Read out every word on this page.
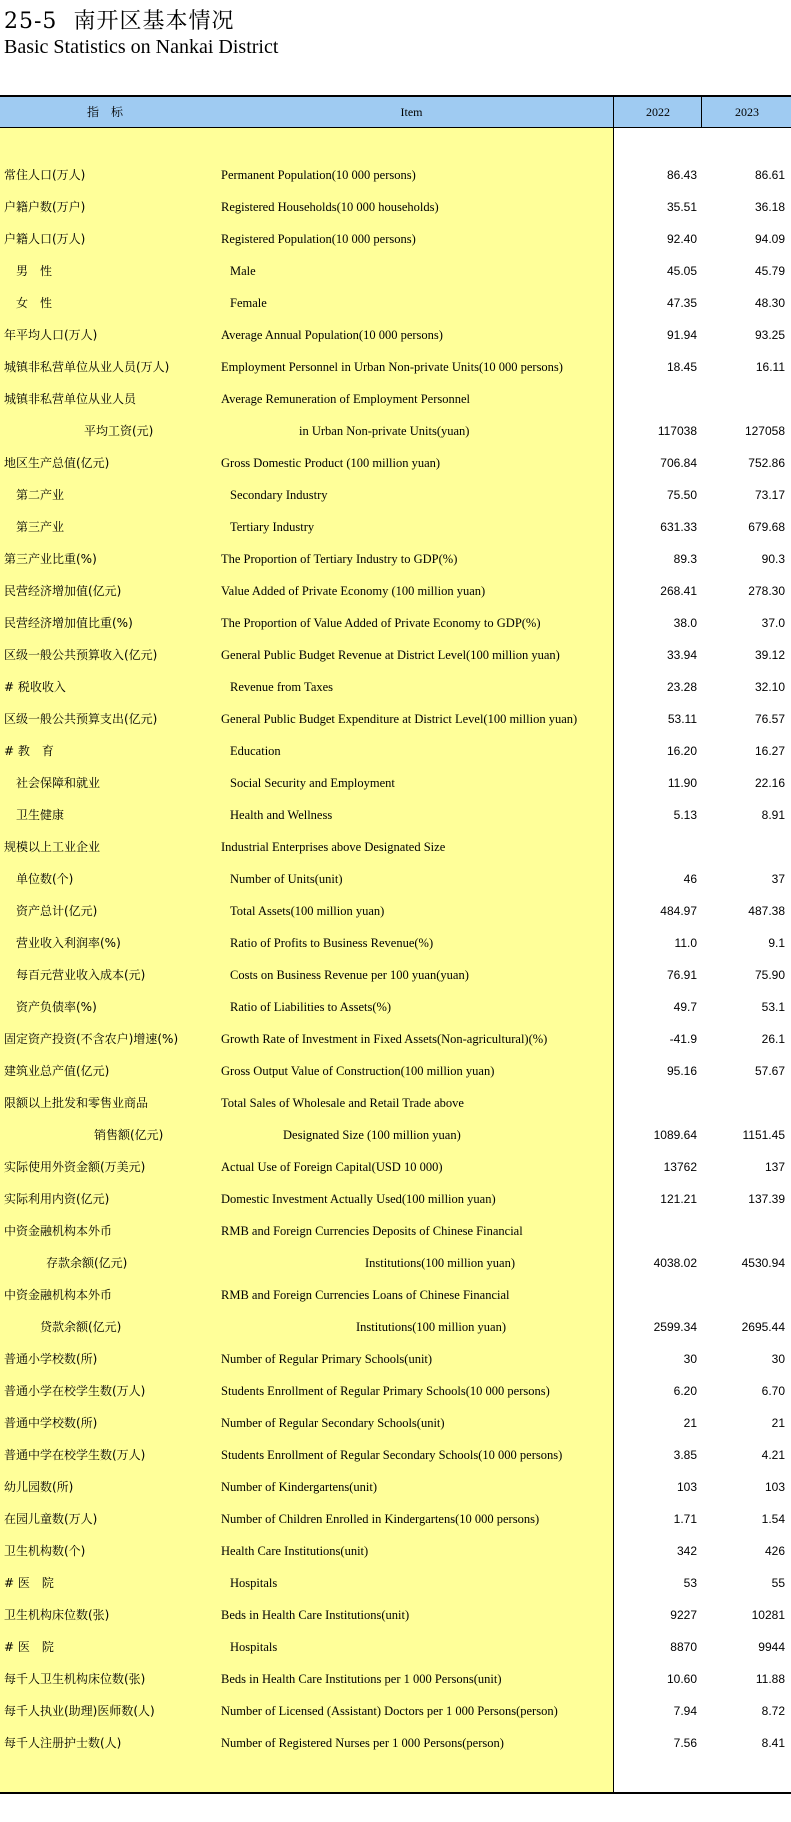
25-5 南开区基本情况
Basic Statistics on Nankai District
指　标	Item	2022	2023
常住人口(万人)	Permanent Population(10 000 persons)	86.43	86.61
户籍户数(万户)	Registered Households(10 000 households)	35.51	36.18
户籍人口(万人)	Registered Population(10 000 persons)	92.40	94.09
男　性	Male	45.05	45.79
女　性	Female	47.35	48.30
年平均人口(万人)	Average Annual Population(10 000 persons)	91.94	93.25
城镇非私营单位从业人员(万人)	Employment Personnel in Urban Non-private Units(10 000 persons)	18.45	16.11
城镇非私营单位从业人员	Average Remuneration of Employment Personnel
平均工资(元)	in Urban Non-private Units(yuan)	117038	127058
地区生产总值(亿元)	Gross Domestic Product (100 million yuan)	706.84	752.86
第二产业	Secondary Industry	75.50	73.17
第三产业	Tertiary Industry	631.33	679.68
第三产业比重(%)	The Proportion of Tertiary Industry to GDP(%)	89.3	90.3
民营经济增加值(亿元)	Value Added of Private Economy (100 million yuan)	268.41	278.30
民营经济增加值比重(%)	The Proportion of Value Added of Private Economy to GDP(%)	38.0	37.0
区级一般公共预算收入(亿元)	General Public Budget Revenue at District Level(100 million yuan)	33.94	39.12
# 税收收入	Revenue from Taxes	23.28	32.10
区级一般公共预算支出(亿元)	General Public Budget Expenditure at District Level(100 million yuan)	53.11	76.57
# 教　育	Education	16.20	16.27
社会保障和就业	Social Security and Employment	11.90	22.16
卫生健康	Health and Wellness	5.13	8.91
规模以上工业企业	Industrial Enterprises above Designated Size
单位数(个)	Number of Units(unit)	46	37
资产总计(亿元)	Total Assets(100 million yuan)	484.97	487.38
营业收入利润率(%)	Ratio of Profits to Business Revenue(%)	11.0	9.1
每百元营业收入成本(元)	Costs on Business Revenue per 100 yuan(yuan)	76.91	75.90
资产负债率(%)	Ratio of Liabilities to Assets(%)	49.7	53.1
固定资产投资(不含农户)增速(%)	Growth Rate of Investment in Fixed Assets(Non-agricultural)(%)	-41.9	26.1
建筑业总产值(亿元)	Gross Output Value of Construction(100 million yuan)	95.16	57.67
限额以上批发和零售业商品	Total Sales of Wholesale and Retail Trade above
销售额(亿元)	Designated Size (100 million yuan)	1089.64	1151.45
实际使用外资金额(万美元)	Actual Use of Foreign Capital(USD 10 000)	13762	137
实际利用内资(亿元)	Domestic Investment Actually Used(100 million yuan)	121.21	137.39
中资金融机构本外币	RMB and Foreign Currencies Deposits of Chinese Financial
存款余额(亿元)	Institutions(100 million yuan)	4038.02	4530.94
中资金融机构本外币	RMB and Foreign Currencies Loans of Chinese Financial
贷款余额(亿元)	Institutions(100 million yuan)	2599.34	2695.44
普通小学校数(所)	Number of Regular Primary Schools(unit)	30	30
普通小学在校学生数(万人)	Students Enrollment of Regular Primary Schools(10 000 persons)	6.20	6.70
普通中学校数(所)	Number of Regular Secondary Schools(unit)	21	21
普通中学在校学生数(万人)	Students Enrollment of Regular Secondary Schools(10 000 persons)	3.85	4.21
幼儿园数(所)	Number of Kindergartens(unit)	103	103
在园儿童数(万人)	Number of Children Enrolled in Kindergartens(10 000 persons)	1.71	1.54
卫生机构数(个)	Health Care Institutions(unit)	342	426
# 医　院	Hospitals	53	55
卫生机构床位数(张)	Beds in Health Care Institutions(unit)	9227	10281
# 医　院	Hospitals	8870	9944
每千人卫生机构床位数(张)	Beds in Health Care Institutions per 1 000 Persons(unit)	10.60	11.88
每千人执业(助理)医师数(人)	Number of Licensed (Assistant) Doctors per 1 000 Persons(person)	7.94	8.72
每千人注册护士数(人)	Number of Registered Nurses per 1 000 Persons(person)	7.56	8.41
